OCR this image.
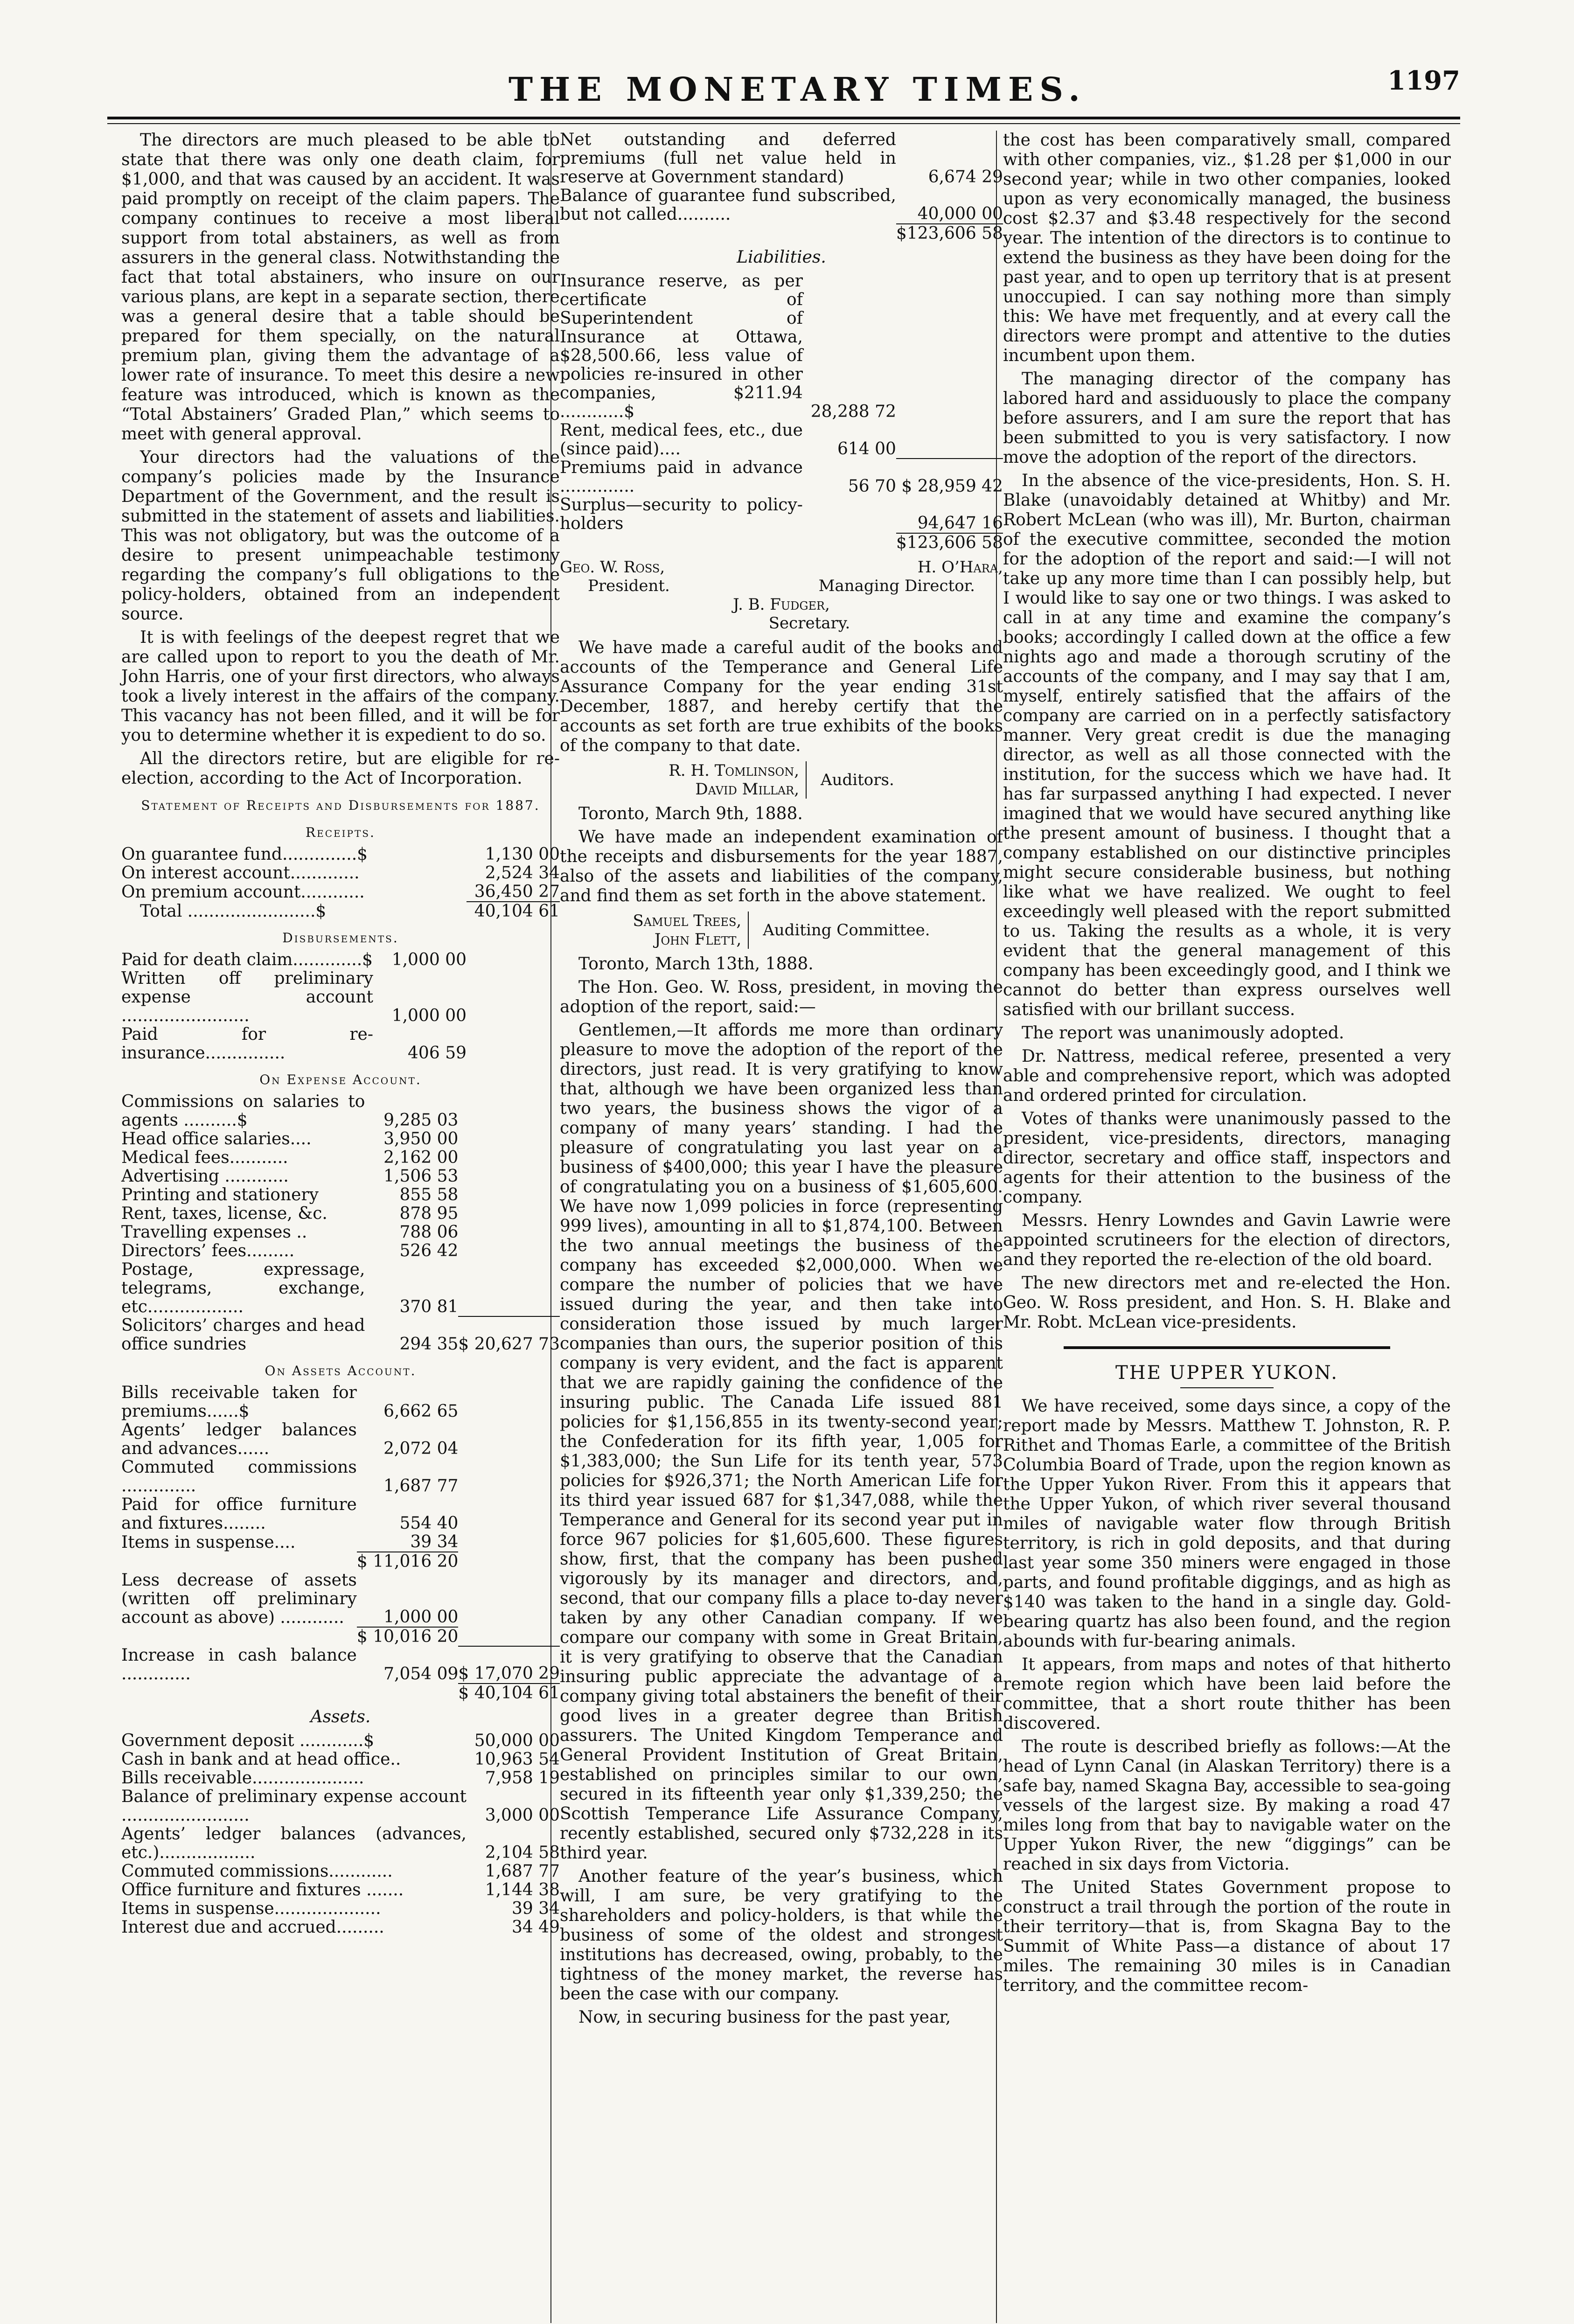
THE MONETARY TIMES.	1197

The directors are much pleased to be able to state that there was only one death claim, for $1,000, and that was caused by an accident. It was paid promptly on receipt of the claim papers. The company continues to receive a most liberal support from total abstainers, as well as from assurers in the general class. Notwithstanding the fact that total abstainers, who insure on our various plans, are kept in a separate section, there was a general desire that a table should be prepared for them specially, on the natural premium plan, giving them the advantage of a lower rate of insurance. To meet this desire a new feature was introduced, which is known as the “Total Abstainers’ Graded Plan,” which seems to meet with general approval.

Your directors had the valuations of the company’s policies made by the Insurance Department of the Government, and the result is submitted in the statement of assets and liabilities. This was not obligatory, but was the outcome of a desire to present unimpeachable testimony regarding the company’s full obligations to the policy-holders, obtained from an independent source.

It is with feelings of the deepest regret that we are called upon to report to you the death of Mr. John Harris, one of your first directors, who always took a lively interest in the affairs of the company. This vacancy has not been filled, and it will be for you to determine whether it is expedient to do so.

All the directors retire, but are eligible for re-election, according to the Act of Incorporation.

Statement of Receipts and Disbursements for 1887.
Receipts.
On guarantee fund..............$		1,130 00
On interest account.............		2,524 34
On premium account............		36,450 27
Total ........................$		40,104 61
Disbursements.
Paid for death claim.............$	1,000 00	
Written off preliminary expense account ........................	1,000 00	
Paid for re-insurance...............	406 59	
On Expense Account.
Commissions on salaries to agents ..........$	9,285 03	
Head office salaries....	3,950 00	
Medical fees...........	2,162 00	
Advertising ............	1,506 53	
Printing and stationery	855 58	
Rent, taxes, license, &c.	878 95	
Travelling expenses ..	788 06	
Directors’ fees.........	526 42	
Postage, expressage, telegrams, exchange, etc..................	370 81	
Solicitors’ charges and head office sundries	294 35	$ 20,627 73
On Assets Account.
Bills receivable taken for premiums......$	6,662 65	
Agents’ ledger balances and advances......	2,072 04	
Commuted commissions ..............	1,687 77	
Paid for office furniture and fixtures........	554 40	
Items in suspense....	39 34	
	$ 11,016 20	
Less decrease of assets (written off preliminary account as above) ............	1,000 00	
	$ 10,016 20	
Increase in cash balance .............	7,054 09	$ 17,070 29
		$ 40,104 61
Assets.
Government deposit ............$	50,000 00
Cash in bank and at head office..	10,963 54
Bills receivable.....................	7,958 19
Balance of preliminary expense account ........................	3,000 00
Agents’ ledger balances (advances, etc.)..................	2,104 58
Commuted commissions............	1,687 77
Office furniture and fixtures .......	1,144 38
Items in suspense....................	39 34
Interest due and accrued.........	34 49
Net outstanding and deferred premiums (full net value held in reserve at Government standard)	6,674 29
Balance of guarantee fund subscribed, but not called..........	40,000 00
	$123,606 58
Liabilities.
Insurance reserve, as per certificate of Superintendent of Insurance at Ottawa, $28,500.66, less value of policies re-insured in other companies, $211.94 ............$	28,288 72	
Rent, medical fees, etc., due (since paid)....	614 00	
Premiums paid in advance ..............	56 70	$ 28,959 42
Surplus—security to policy-holders		94,647 16
		$123,606 58
Geo. W. Ross,	H. O’Hara,
President.	Managing Director.
J. B. Fudger,
Secretary.

We have made a careful audit of the books and accounts of the Temperance and General Life Assurance Company for the year ending 31st December, 1887, and hereby certify that the accounts as set forth are true exhibits of the books of the company to that date.

R. H. Tomlinson,
David Millar, Auditors.

Toronto, March 9th, 1888.

We have made an independent examination of the receipts and disbursements for the year 1887, also of the assets and liabilities of the company, and find them as set forth in the above statement.

Samuel Trees,
John Flett, Auditing Committee.

Toronto, March 13th, 1888.

The Hon. Geo. W. Ross, president, in moving the adoption of the report, said:—

Gentlemen,—It affords me more than ordinary pleasure to move the adoption of the report of the directors, just read. It is very gratifying to know that, although we have been organized less than two years, the business shows the vigor of a company of many years’ standing. I had the pleasure of congratulating you last year on a business of $400,000; this year I have the pleasure of congratulating you on a business of $1,605,600. We have now 1,099 policies in force (representing 999 lives), amounting in all to $1,874,100. Between the two annual meetings the business of the company has exceeded $2,000,000. When we compare the number of policies that we have issued during the year, and then take into consideration those issued by much larger companies than ours, the superior position of this company is very evident, and the fact is apparent that we are rapidly gaining the confidence of the insuring public. The Canada Life issued 881 policies for $1,156,855 in its twenty-second year; the Confederation for its fifth year, 1,005 for $1,383,000; the Sun Life for its tenth year, 573 policies for $926,371; the North American Life for its third year issued 687 for $1,347,088, while the Temperance and General for its second year put in force 967 policies for $1,605,600. These figures show, first, that the company has been pushed vigorously by its manager and directors, and, second, that our company fills a place to-day never taken by any other Canadian company. If we compare our company with some in Great Britain, it is very gratifying to observe that the Canadian insuring public appreciate the advantage of a company giving total abstainers the benefit of their good lives in a greater degree than British assurers. The United Kingdom Temperance and General Provident Institution of Great Britain, established on principles similar to our own, secured in its fifteenth year only $1,339,250; the Scottish Temperance Life Assurance Company, recently established, secured only $732,228 in its third year.

Another feature of the year’s business, which will, I am sure, be very gratifying to the shareholders and policy-holders, is that while the business of some of the oldest and strongest institutions has decreased, owing, probably, to the tightness of the money market, the reverse has been the case with our company.

Now, in securing business for the past year,

the cost has been comparatively small, compared with other companies, viz., $1.28 per $1,000 in our second year; while in two other companies, looked upon as very economically managed, the business cost $2.37 and $3.48 respectively for the second year. The intention of the directors is to continue to extend the business as they have been doing for the past year, and to open up territory that is at present unoccupied. I can say nothing more than simply this: We have met frequently, and at every call the directors were prompt and attentive to the duties incumbent upon them.

The managing director of the company has labored hard and assiduously to place the company before assurers, and I am sure the report that has been submitted to you is very satisfactory. I now move the adoption of the report of the directors.

In the absence of the vice-presidents, Hon. S. H. Blake (unavoidably detained at Whitby) and Mr. Robert McLean (who was ill), Mr. Burton, chairman of the executive committee, seconded the motion for the adoption of the report and said:—I will not take up any more time than I can possibly help, but I would like to say one or two things. I was asked to call in at any time and examine the company’s books; accordingly I called down at the office a few nights ago and made a thorough scrutiny of the accounts of the company, and I may say that I am, myself, entirely satisfied that the affairs of the company are carried on in a perfectly satisfactory manner. Very great credit is due the managing director, as well as all those connected with the institution, for the success which we have had. It has far surpassed anything I had expected. I never imagined that we would have secured anything like the present amount of business. I thought that a company established on our distinctive principles might secure considerable business, but nothing like what we have realized. We ought to feel exceedingly well pleased with the report submitted to us. Taking the results as a whole, it is very evident that the general management of this company has been exceedingly good, and I think we cannot do better than express ourselves well satisfied with our brillant success.

The report was unanimously adopted.

Dr. Nattress, medical referee, presented a very able and comprehensive report, which was adopted and ordered printed for circulation.

Votes of thanks were unanimously passed to the president, vice-presidents, directors, managing director, secretary and office staff, inspectors and agents for their attention to the business of the company.

Messrs. Henry Lowndes and Gavin Lawrie were appointed scrutineers for the election of directors, and they reported the re-election of the old board.

The new directors met and re-elected the Hon. Geo. W. Ross president, and Hon. S. H. Blake and Mr. Robt. McLean vice-presidents.

THE UPPER YUKON.

We have received, some days since, a copy of the report made by Messrs. Matthew T. Johnston, R. P. Rithet and Thomas Earle, a committee of the British Columbia Board of Trade, upon the region known as the Upper Yukon River. From this it appears that the Upper Yukon, of which river several thousand miles of navigable water flow through British territory, is rich in gold deposits, and that during last year some 350 miners were engaged in those parts, and found profitable diggings, and as high as $140 was taken to the hand in a single day. Gold-bearing quartz has also been found, and the region abounds with fur-bearing animals.

It appears, from maps and notes of that hitherto remote region which have been laid before the committee, that a short route thither has been discovered.

The route is described briefly as follows:—At the head of Lynn Canal (in Alaskan Territory) there is a safe bay, named Skagna Bay, accessible to sea-going vessels of the largest size. By making a road 47 miles long from that bay to navigable water on the Upper Yukon River, the new “diggings” can be reached in six days from Victoria.

The United States Government propose to construct a trail through the portion of the route in their territory—that is, from Skagna Bay to the Summit of White Pass—a distance of about 17 miles. The remaining 30 miles is in Canadian territory, and the committee recom-
